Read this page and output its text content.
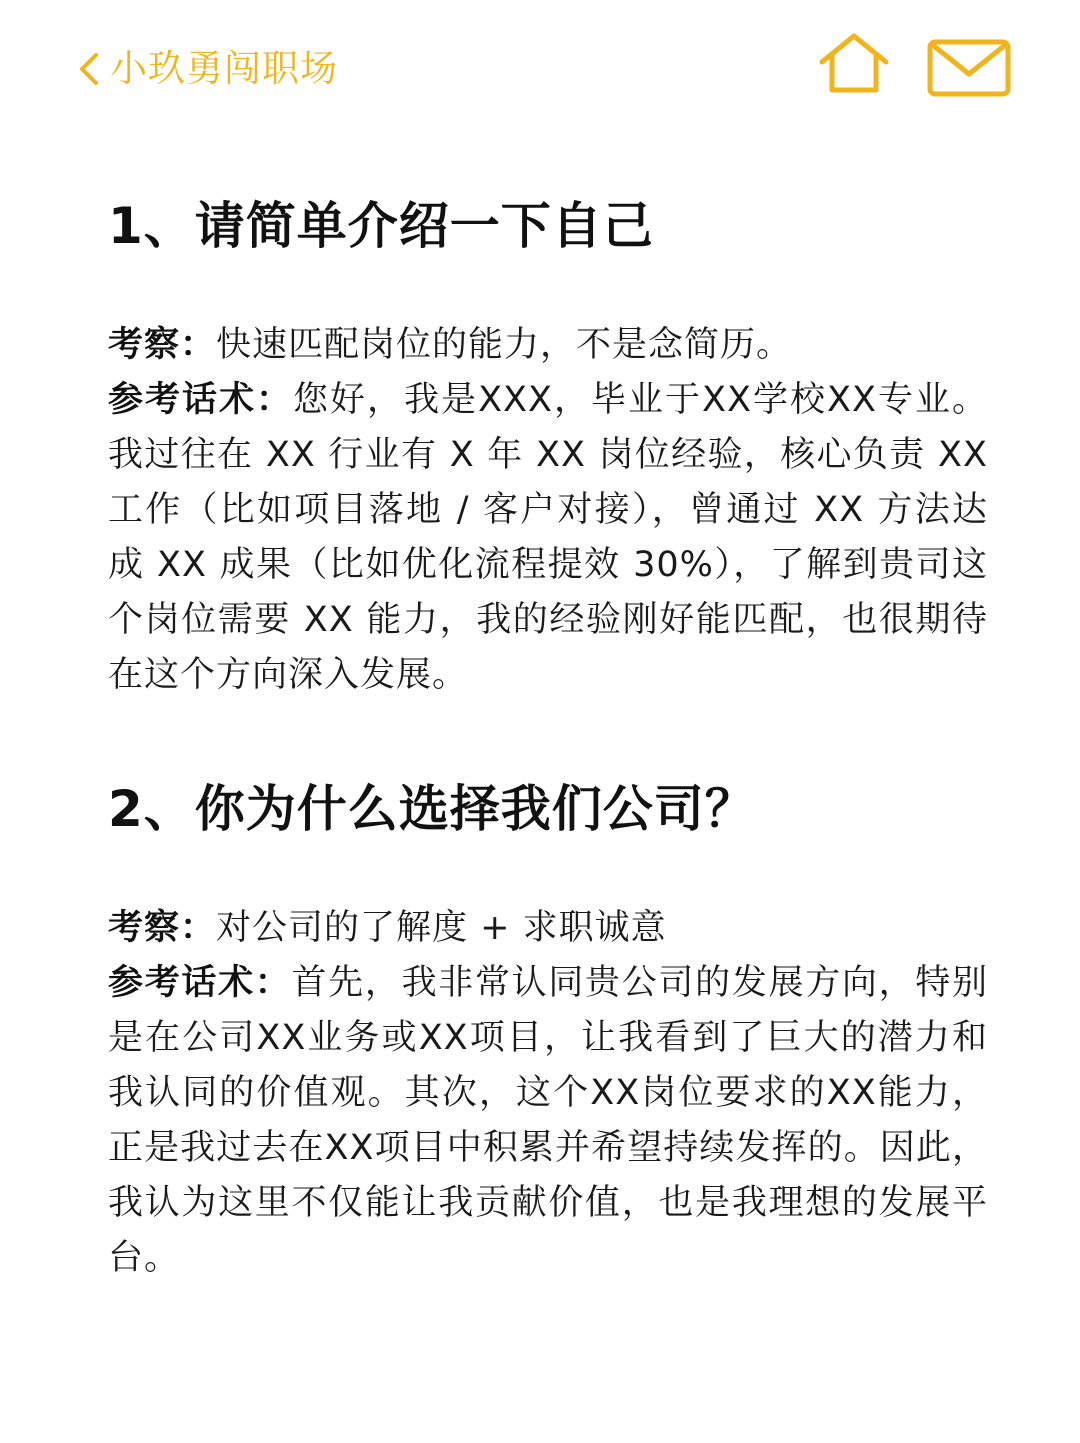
小玖勇闯职场
1、请简单介绍一下自己

考察：快速匹配岗位的能力，不是念简历。

参考话术：您好，我是XXX，毕业于XX学校XX专业。我过往在 XX 行业有 X 年 XX 岗位经验，核心负责 XX 工作（比如项目落地 / 客户对接），曾通过 XX 方法达成 XX 成果（比如优化流程提效 30%），了解到贵司这个岗位需要 XX 能力，我的经验刚好能匹配，也很期待在这个方向深入发展。

2、你为什么选择我们公司？

考察：对公司的了解度 + 求职诚意

参考话术：首先，我非常认同贵公司的发展方向，特别是在公司XX业务或XX项目，让我看到了巨大的潜力和我认同的价值观。其次，这个XX岗位要求的XX能力，正是我过去在XX项目中积累并希望持续发挥的。因此，我认为这里不仅能让我贡献价值，也是我理想的发展平台。
